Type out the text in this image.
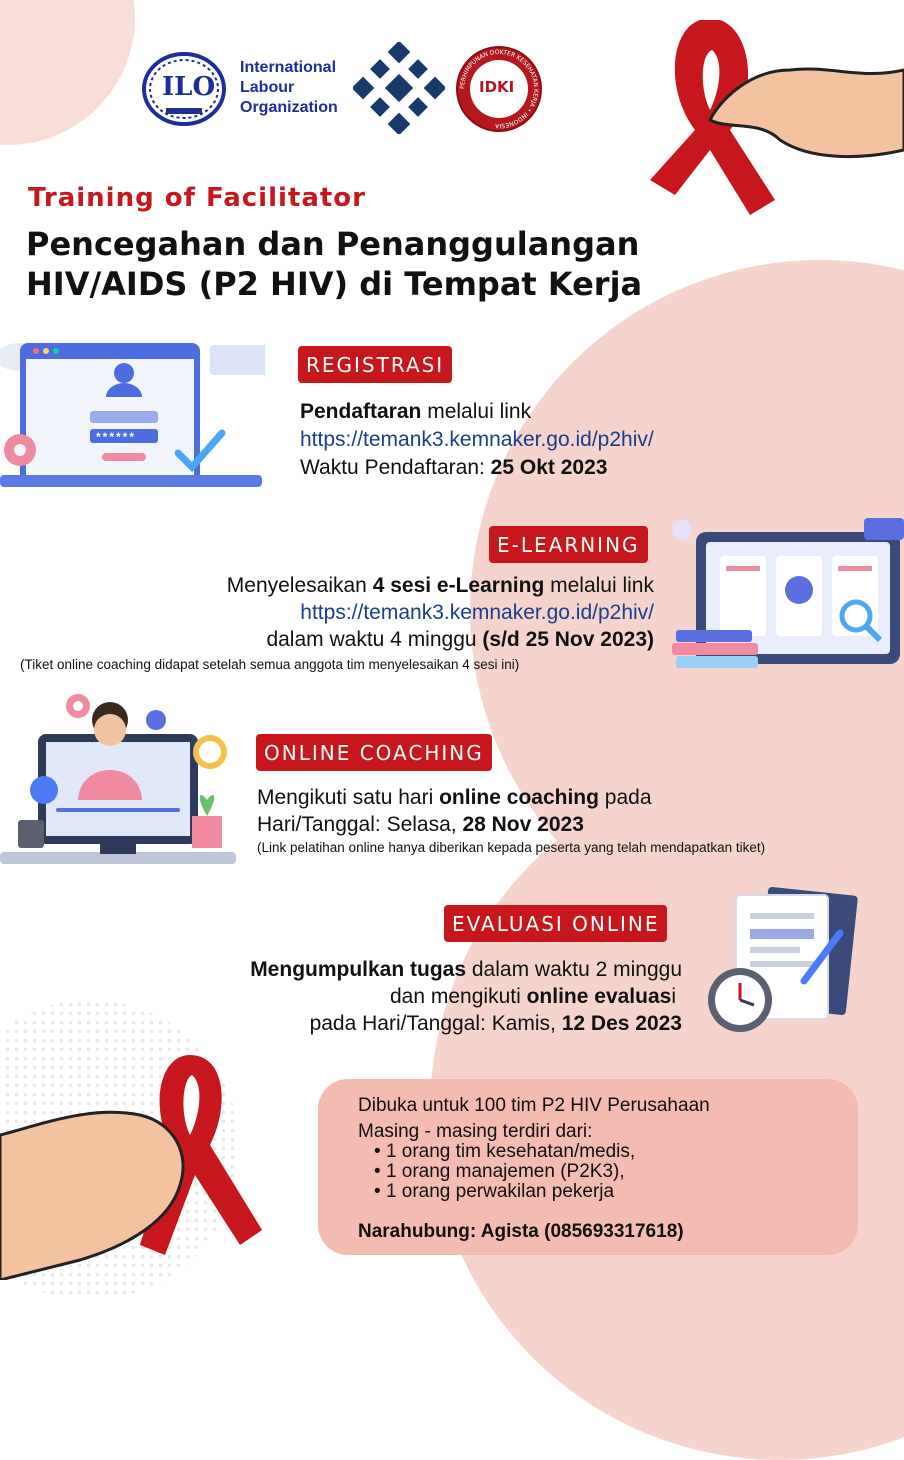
ILO
International
Labour
Organization
IDKI
PERHIMPUNAN DOKTER KESEHATAN KERJA • INDONESIA
Training of Facilitator
Pencegahan dan Penanggulangan
HIV/AIDS (P2 HIV) di Tempat Kerja
******
REGISTRASI
Pendaftaran melalui link
https://temank3.kemnaker.go.id/p2hiv/
Waktu Pendaftaran: 25 Okt 2023
E-LEARNING
Menyelesaikan 4 sesi e-Learning melalui link
https://temank3.kemnaker.go.id/p2hiv/
dalam waktu 4 minggu (s/d 25 Nov 2023)
(Tiket online coaching didapat setelah semua anggota tim menyelesaikan 4 sesi ini)
ONLINE COACHING
Mengikuti satu hari online coaching pada
Hari/Tanggal: Selasa, 28 Nov 2023
(Link pelatihan online hanya diberikan kepada peserta yang telah mendapatkan tiket)
EVALUASI ONLINE
Mengumpulkan tugas dalam waktu 2 minggu
dan mengikuti online evaluasi
pada Hari/Tanggal: Kamis, 12 Des 2023
Dibuka untuk 100 tim P2 HIV Perusahaan
Masing - masing terdiri dari:
• 1 orang tim kesehatan/medis,
• 1 orang manajemen (P2K3),
• 1 orang perwakilan pekerja
Narahubung: Agista (085693317618)
